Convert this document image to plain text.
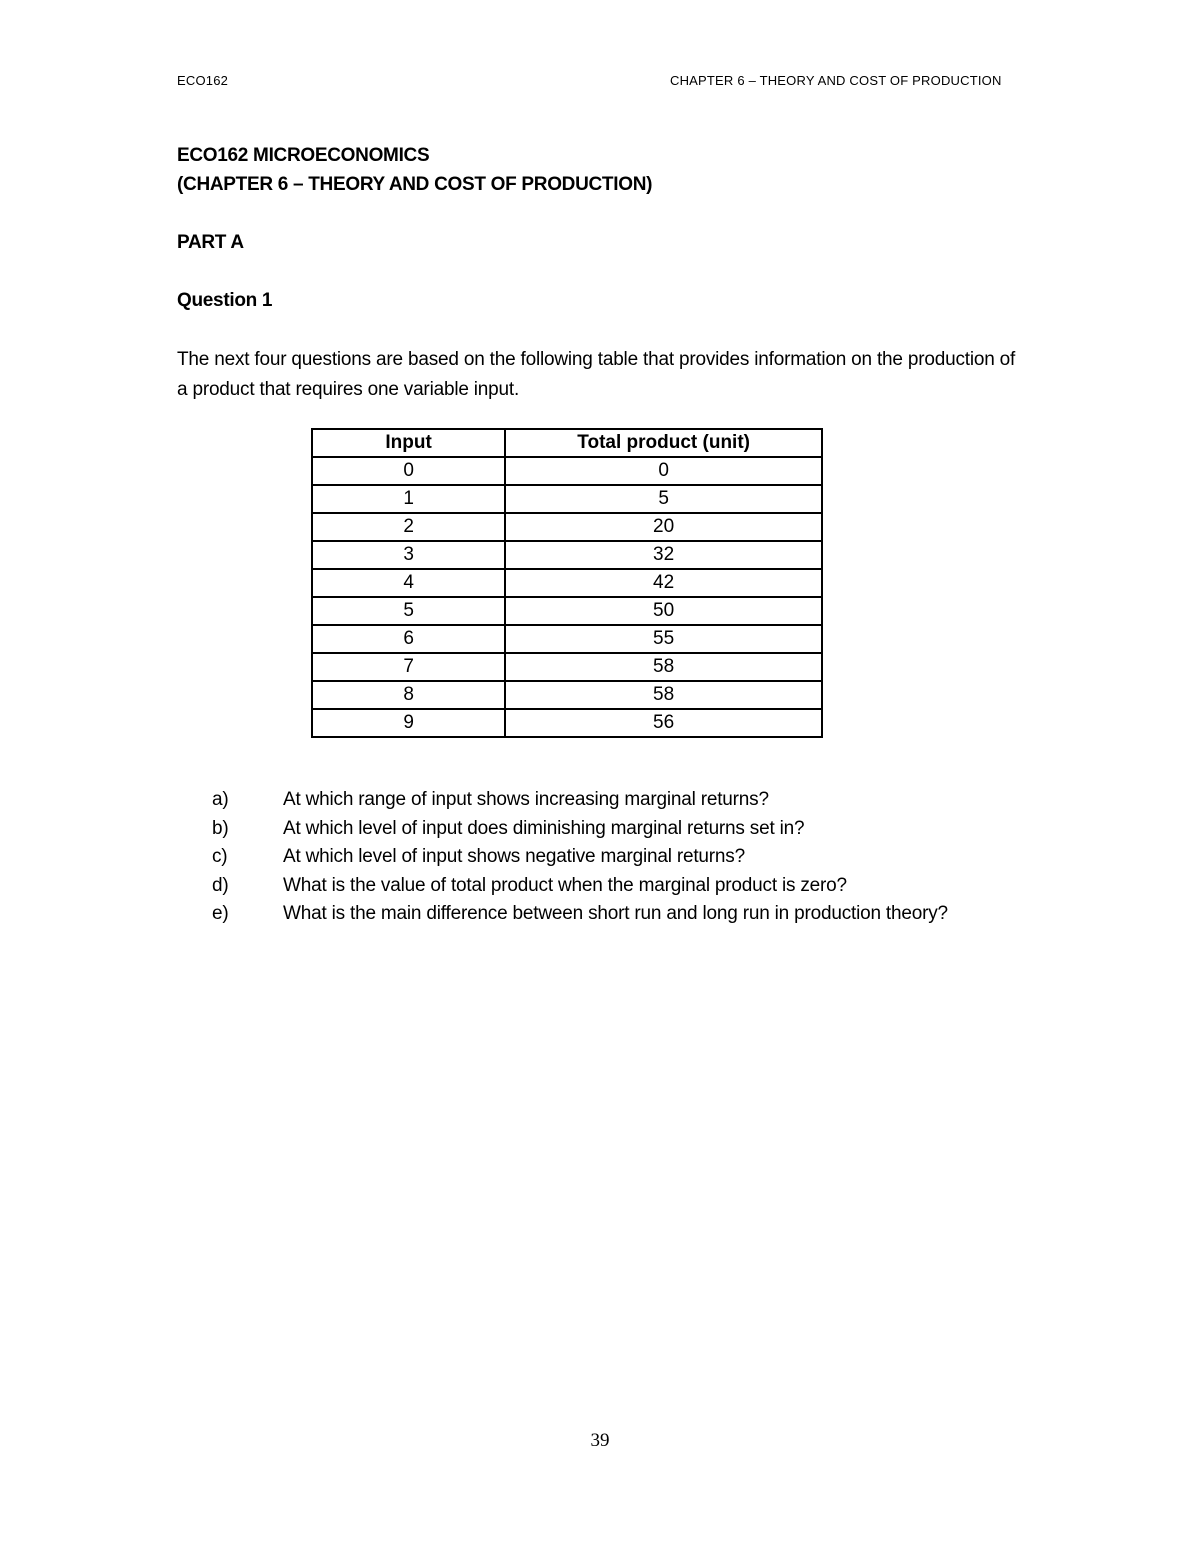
ECO162	CHAPTER 6 – THEORY AND COST OF PRODUCTION
ECO162 MICROECONOMICS
(CHAPTER 6 – THEORY AND COST OF PRODUCTION)
PART A
Question 1
The next four questions are based on the following table that provides information on the production of a product that requires one variable input.
Input	Total product (unit)
0	0
1	5
2	20
3	32
4	42
5	50
6	55
7	58
8	58
9	56
a)	At which range of input shows increasing marginal returns?
b)	At which level of input does diminishing marginal returns set in?
c)	At which level of input shows negative marginal returns?
d)	What is the value of total product when the marginal product is zero?
e)	What is the main difference between short run and long run in production theory?
39
